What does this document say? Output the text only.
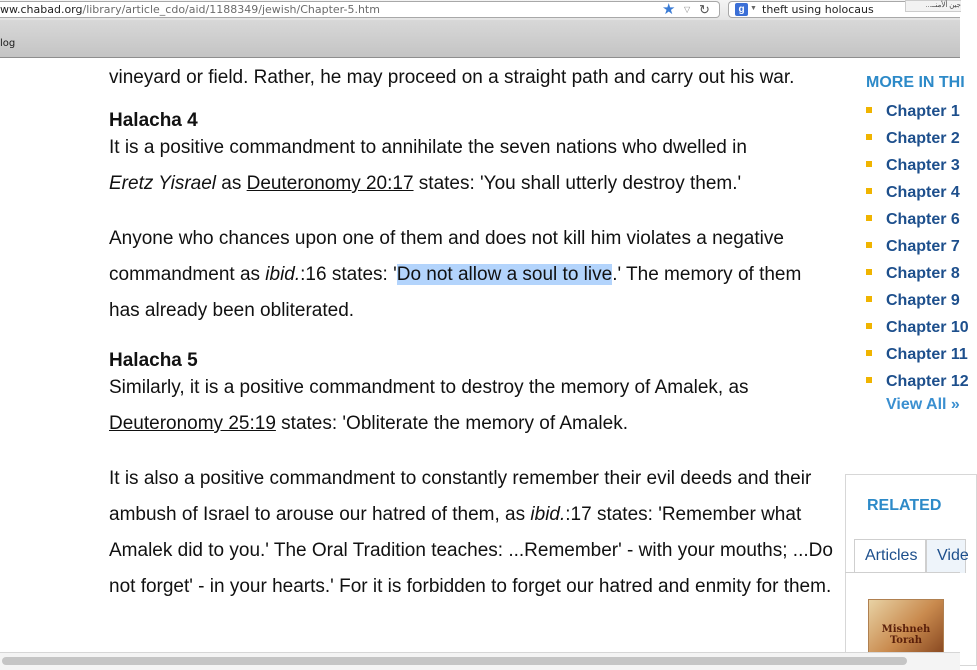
ww.chabad.org/library/article_cdo/aid/1188349/jewish/Chapter-5.htm	★ ▽ ↻	g ▼ theft using holocaus	...جين ألأمنــ
log

vineyard or field. Rather, he may proceed on a straight path and carry out his war.

Halacha 4

It is a positive commandment to annihilate the seven nations who dwelled in
Eretz Yisrael as Deuteronomy 20:17 states: 'You shall utterly destroy them.'

Anyone who chances upon one of them and does not kill him violates a negative commandment as ibid.:16 states: 'Do not allow a soul to live.' The memory of them has already been obliterated.

Halacha 5

Similarly, it is a positive commandment to destroy the memory of Amalek, as
Deuteronomy 25:19 states: 'Obliterate the memory of Amalek.

It is also a positive commandment to constantly remember their evil deeds and their ambush of Israel to arouse our hatred of them, as ibid.:17 states: 'Remember what Amalek did to you.' The Oral Tradition teaches: ...Remember' - with your mouths; ...Do not forget' - in your hearts.' For it is forbidden to forget our hatred and enmity for them.

MORE IN THI
Chapter 1
Chapter 2
Chapter 3
Chapter 4
Chapter 6
Chapter 7
Chapter 8
Chapter 9
Chapter 10
Chapter 11
Chapter 12
View All »
RELATED
Articles	Vide
Mishneh Torah
